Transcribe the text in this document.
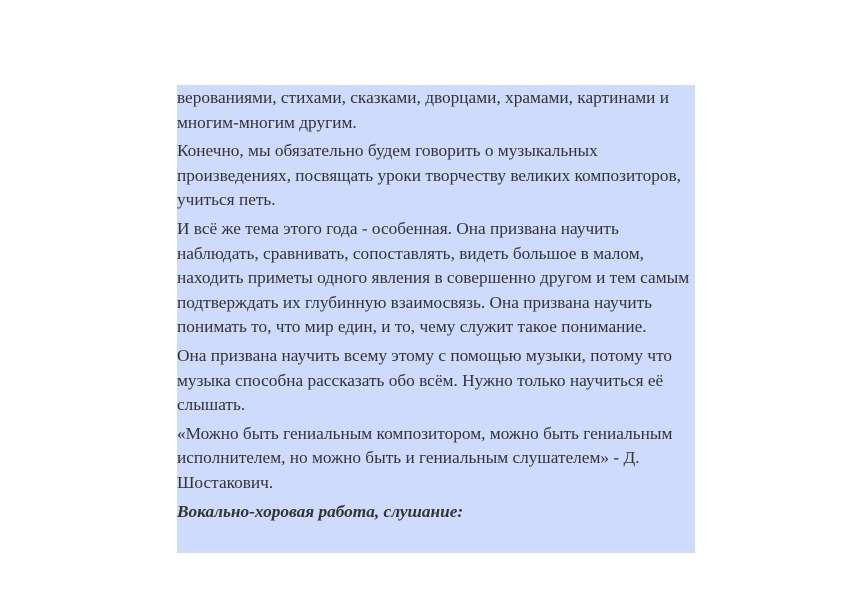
верованиями, стихами, сказками, дворцами, храмами, картинами и многим-многим другим.

Конечно, мы обязательно будем говорить о музыкальных произведениях, посвящать уроки творчеству великих композиторов, учиться петь.

И всё же тема этого года - особенная. Она призвана научить наблюдать, сравнивать, сопоставлять, видеть большое в малом, находить приметы одного явления в совершенно другом и тем самым подтверждать их глубинную взаимосвязь. Она призвана научить понимать то, что мир един, и то, чему служит такое понимание.

Она призвана научить всему этому с помощью музыки, потому что музыка способна рассказать обо всём. Нужно только научиться её слышать.

«Можно быть гениальным композитором, можно быть гениальным исполнителем, но можно быть и гениальным слушателем» - Д. Шостакович.

Вокально-хоровая работа, слушание:
